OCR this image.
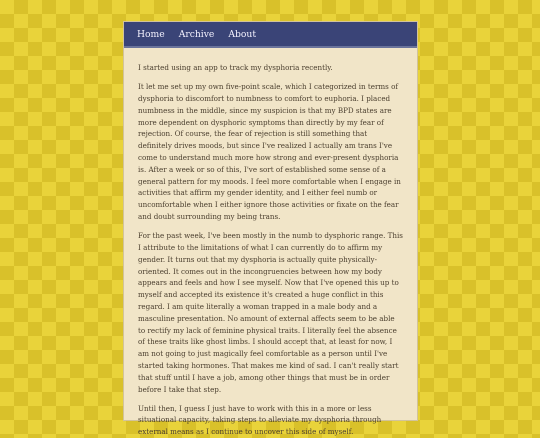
Home Archive About

I started using an app to track my dysphoria recently.

It let me set up my own five-point scale, which I categorized in terms of dysphoria to discomfort to numbness to comfort to euphoria. I placed numbness in the middle, since my suspicion is that my BPD states are more dependent on dysphoric symptoms than directly by my fear of rejection. Of course, the fear of rejection is still something that definitely drives moods, but since I've realized I actually am trans I've come to understand much more how strong and ever-present dysphoria is. After a week or so of this, I've sort of established some sense of a general pattern for my moods. I feel more comfortable when I engage in activities that affirm my gender identity, and I either feel numb or uncomfortable when I either ignore those activities or fixate on the fear and doubt surrounding my being trans.

For the past week, I've been mostly in the numb to dysphoric range. This I attribute to the limitations of what I can currently do to affirm my gender. It turns out that my dysphoria is actually quite physically-oriented. It comes out in the incongruencies between how my body appears and feels and how I see myself. Now that I've opened this up to myself and accepted its existence it's created a huge conflict in this regard. I am quite literally a woman trapped in a male body and a masculine presentation. No amount of external affects seem to be able to rectify my lack of feminine physical traits. I literally feel the absence of these traits like ghost limbs. I should accept that, at least for now, I am not going to just magically feel comfortable as a person until I've started taking hormones. That makes me kind of sad. I can't really start that stuff until I have a job, among other things that must be in order before I take that step.

Until then, I guess I just have to work with this in a more or less situational capacity, taking steps to alleviate my dysphoria through external means as I continue to uncover this side of myself.
